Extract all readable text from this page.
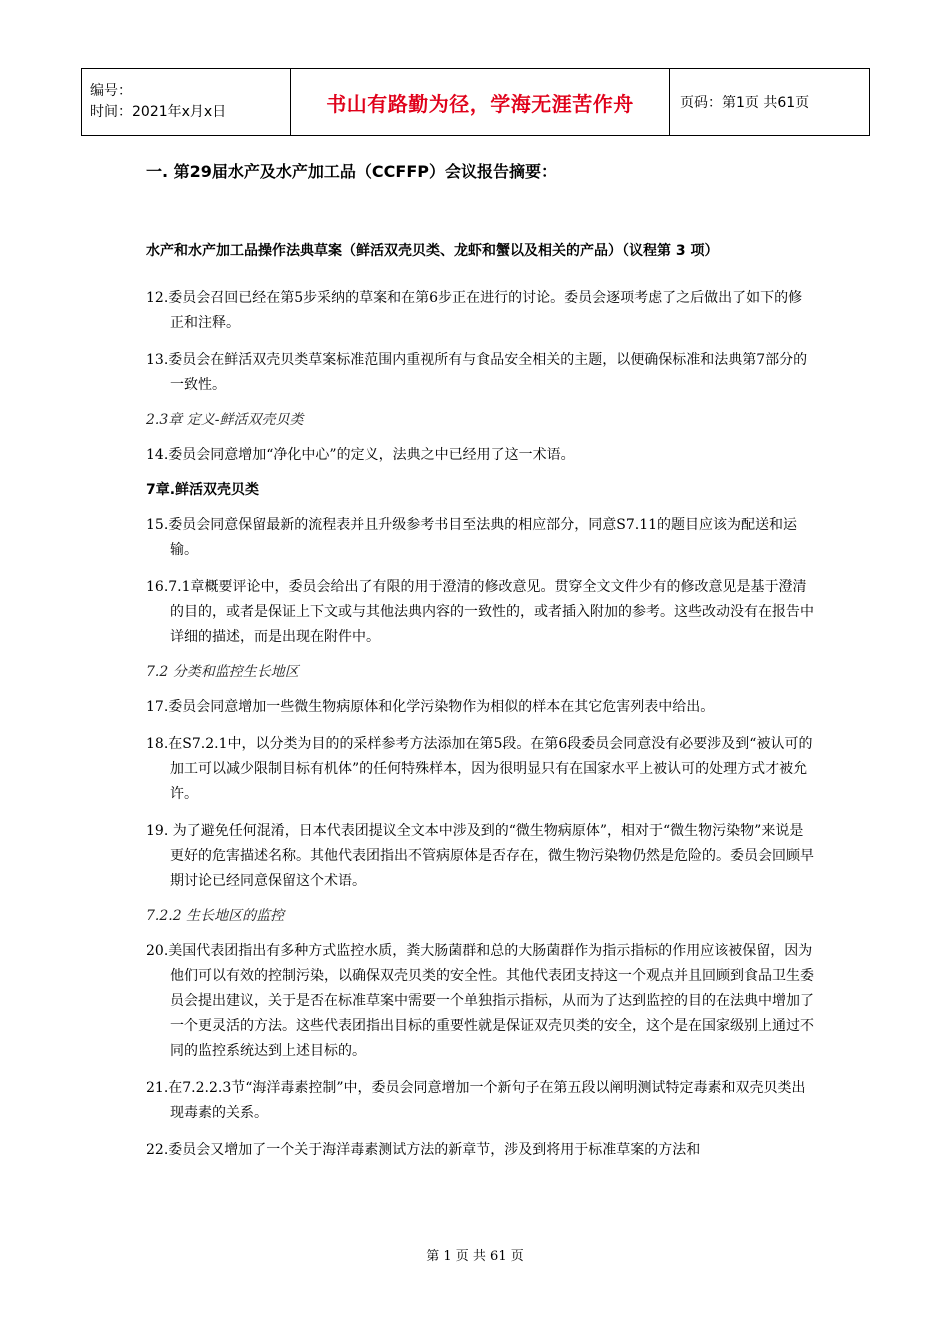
编号：
时间：2021年x月x日	书山有路勤为径，学海无涯苦作舟	页码：第1页 共61页
一. 第29届水产及水产加工品（CCFFP）会议报告摘要：
水产和水产加工品操作法典草案（鲜活双壳贝类、龙虾和蟹以及相关的产品）（议程第 3 项）
12.委员会召回已经在第5步采纳的草案和在第6步正在进行的讨论。委员会逐项考虑了之后做出了如下的修正和注释。
13.委员会在鲜活双壳贝类草案标准范围内重视所有与食品安全相关的主题，以便确保标准和法典第7部分的一致性。
2.3章 定义-鲜活双壳贝类
14.委员会同意增加“净化中心”的定义，法典之中已经用了这一术语。
7章.鲜活双壳贝类
15.委员会同意保留最新的流程表并且升级参考书目至法典的相应部分，同意S7.11的题目应该为配送和运输。
16.7.1章概要评论中，委员会给出了有限的用于澄清的修改意见。贯穿全文文件少有的修改意见是基于澄清的目的，或者是保证上下文或与其他法典内容的一致性的，或者插入附加的参考。这些改动没有在报告中详细的描述，而是出现在附件中。
7.2 分类和监控生长地区
17.委员会同意增加一些微生物病原体和化学污染物作为相似的样本在其它危害列表中给出。
18.在S7.2.1中，以分类为目的的采样参考方法添加在第5段。在第6段委员会同意没有必要涉及到“被认可的加工可以减少限制目标有机体”的任何特殊样本，因为很明显只有在国家水平上被认可的处理方式才被允许。
19. 为了避免任何混淆，日本代表团提议全文本中涉及到的“微生物病原体”，相对于“微生物污染物”来说是更好的危害描述名称。其他代表团指出不管病原体是否存在，微生物污染物仍然是危险的。委员会回顾早期讨论已经同意保留这个术语。
7.2.2 生长地区的监控
20.美国代表团指出有多种方式监控水质，粪大肠菌群和总的大肠菌群作为指示指标的作用应该被保留，因为他们可以有效的控制污染，以确保双壳贝类的安全性。其他代表团支持这一个观点并且回顾到食品卫生委员会提出建议，关于是否在标准草案中需要一个单独指示指标，从而为了达到监控的目的在法典中增加了一个更灵活的方法。这些代表团指出目标的重要性就是保证双壳贝类的安全，这个是在国家级别上通过不同的监控系统达到上述目标的。
21.在7.2.2.3节“海洋毒素控制”中，委员会同意增加一个新句子在第五段以阐明测试特定毒素和双壳贝类出现毒素的关系。
22.委员会又增加了一个关于海洋毒素测试方法的新章节，涉及到将用于标准草案的方法和
第 1 页 共 61 页
